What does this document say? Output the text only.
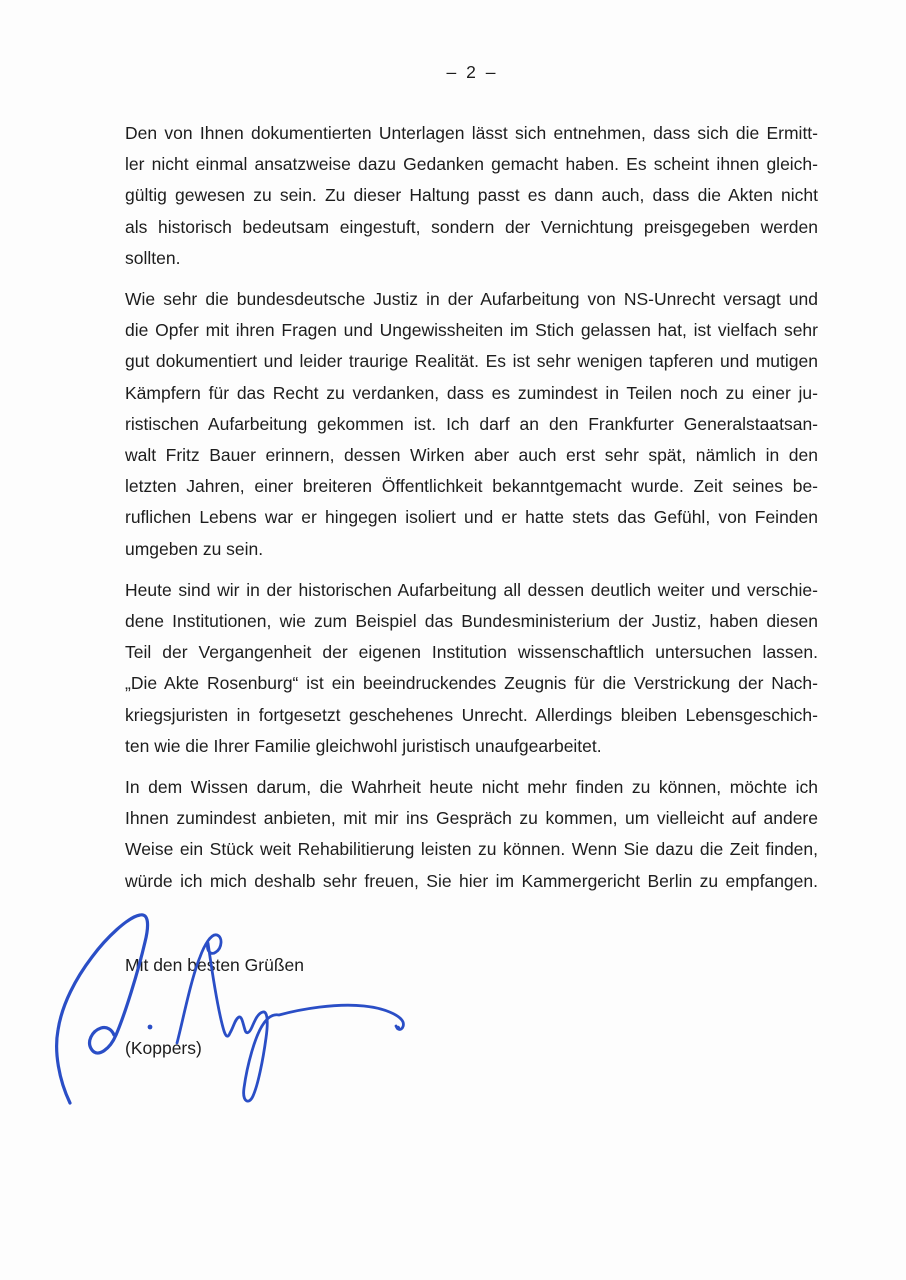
– 2 –
Den von Ihnen dokumentierten Unterlagen lässt sich entnehmen, dass sich die Ermitt-
ler nicht einmal ansatzweise dazu Gedanken gemacht haben. Es scheint ihnen gleich-
gültig gewesen zu sein. Zu dieser Haltung passt es dann auch, dass die Akten nicht
als historisch bedeutsam eingestuft, sondern der Vernichtung preisgegeben werden
sollten.
Wie sehr die bundesdeutsche Justiz in der Aufarbeitung von NS-Unrecht versagt und
die Opfer mit ihren Fragen und Ungewissheiten im Stich gelassen hat, ist vielfach sehr
gut dokumentiert und leider traurige Realität. Es ist sehr wenigen tapferen und mutigen
Kämpfern für das Recht zu verdanken, dass es zumindest in Teilen noch zu einer ju-
ristischen Aufarbeitung gekommen ist. Ich darf an den Frankfurter Generalstaatsan-
walt Fritz Bauer erinnern, dessen Wirken aber auch erst sehr spät, nämlich in den
letzten Jahren, einer breiteren Öffentlichkeit bekanntgemacht wurde. Zeit seines be-
ruflichen Lebens war er hingegen isoliert und er hatte stets das Gefühl, von Feinden
umgeben zu sein.
Heute sind wir in der historischen Aufarbeitung all dessen deutlich weiter und verschie-
dene Institutionen, wie zum Beispiel das Bundesministerium der Justiz, haben diesen
Teil der Vergangenheit der eigenen Institution wissenschaftlich untersuchen lassen.
„Die Akte Rosenburg“ ist ein beeindruckendes Zeugnis für die Verstrickung der Nach-
kriegsjuristen in fortgesetzt geschehenes Unrecht. Allerdings bleiben Lebensgeschich-
ten wie die Ihrer Familie gleichwohl juristisch unaufgearbeitet.
In dem Wissen darum, die Wahrheit heute nicht mehr finden zu können, möchte ich
Ihnen zumindest anbieten, mit mir ins Gespräch zu kommen, um vielleicht auf andere
Weise ein Stück weit Rehabilitierung leisten zu können. Wenn Sie dazu die Zeit finden,
würde ich mich deshalb sehr freuen, Sie hier im Kammergericht Berlin zu empfangen.
Mit den besten Grüßen
(Koppers)
